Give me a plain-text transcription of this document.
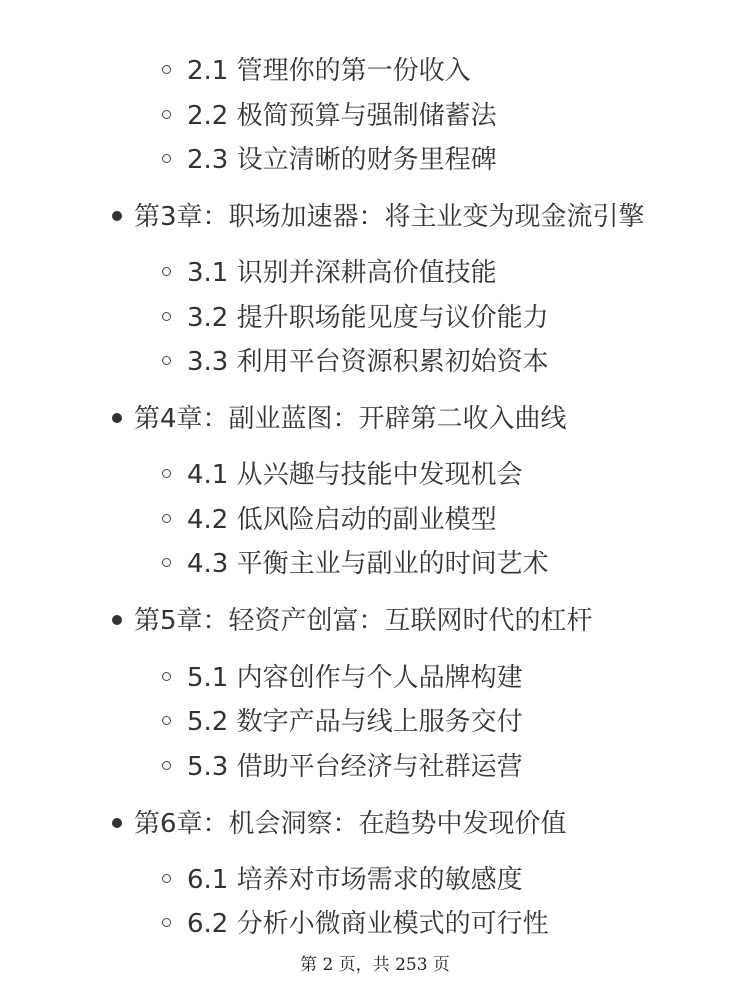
2.1 管理你的第一份收入
2.2 极简预算与强制储蓄法
2.3 设立清晰的财务里程碑
第3章：职场加速器：将主业变为现金流引擎
3.1 识别并深耕高价值技能
3.2 提升职场能见度与议价能力
3.3 利用平台资源积累初始资本
第4章：副业蓝图：开辟第二收入曲线
4.1 从兴趣与技能中发现机会
4.2 低风险启动的副业模型
4.3 平衡主业与副业的时间艺术
第5章：轻资产创富：互联网时代的杠杆
5.1 内容创作与个人品牌构建
5.2 数字产品与线上服务交付
5.3 借助平台经济与社群运营
第6章：机会洞察：在趋势中发现价值
6.1 培养对市场需求的敏感度
6.2 分析小微商业模式的可行性
第 2 页，共 253 页
